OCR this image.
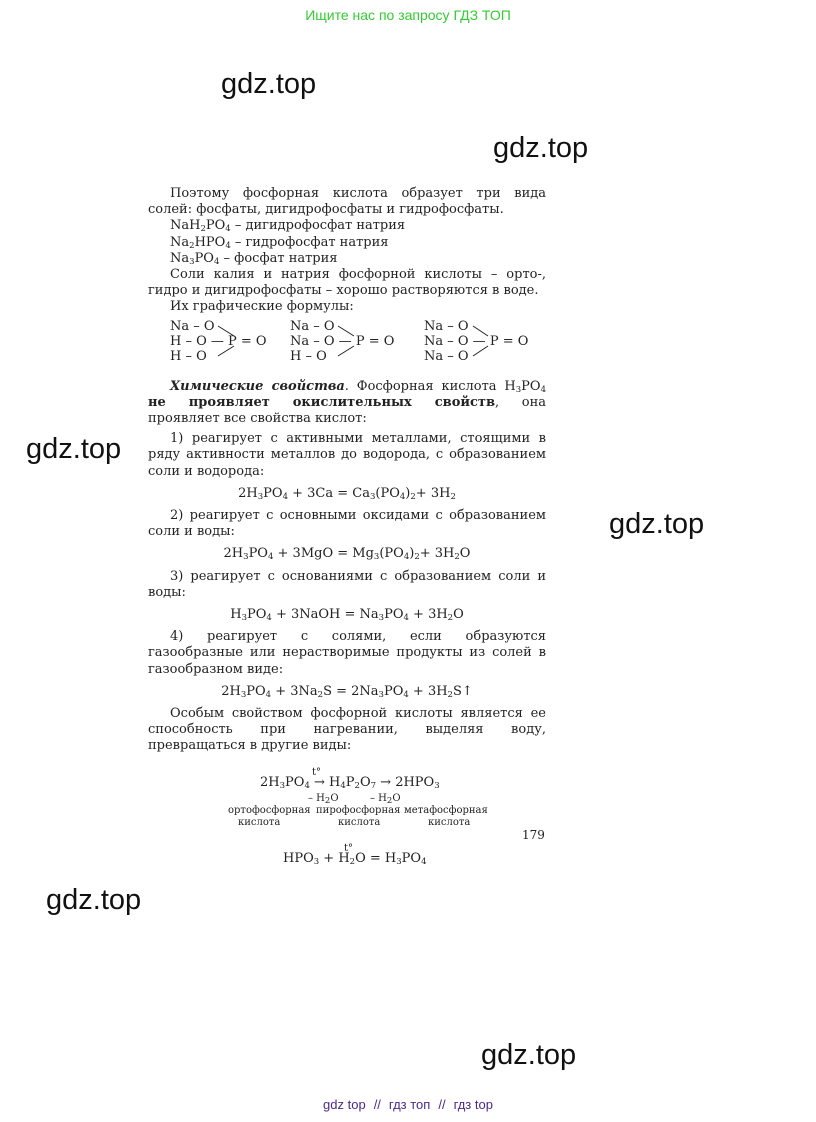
Ищите нас по запросу ГДЗ ТОП
gdz.top
gdz.top
gdz.top
gdz.top
gdz.top
gdz.top

Поэтому фосфорная кислота образует три вида солей: фосфаты, дигидрофосфаты и гидрофосфаты.

$NaH_2PO_4$ – дигидрофосфат натрия

$Na_2HPO_4$ – гидрофосфат натрия

$Na_3PO_4$ – фосфат натрия

Соли калия и натрия фосфорной кислоты – орто-, гидро и дигидрофосфаты – хорошо растворяются в воде.

Их графические формулы:

Na – O
H – O — P = O
H – O
Na – O
Na – O — P = O
H – O
Na – O
Na – O — P = O
Na – O

Химические свойства. Фосфорная кислота $H_3PO_4$ не проявляет окислительных свойств, она проявляет все свойства кислот:

1) реагирует с активными металлами, стоящими в ряду активности металлов до водорода, с образованием соли и водорода:

$2H_3PO_4 + 3Ca = Ca_3(PO_4)_2+ 3H_2$

2) реагирует с основными оксидами с образованием соли и воды:

$2H_3PO_4 + 3MgO = Mg_3(PO_4)_2+ 3H_2O$

3) реагирует с основаниями с образованием соли и воды:

$H_3PO_4$ + 3NaOH = $Na_3PO_4 + 3H_2O$

4) реагирует с солями, если образуются газообразные или нерастворимые продукты из солей в газообразном виде:

$2H_3PO_4 + 3Na_2S = 2Na_3PO_4$ + $3H_2S↑$

Особым свойством фосфорной кислоты является ее способность при нагревании, выделяя воду, превращаться в другие виды:

t°
$2H_3PO_4 \to H_4P_2O_7 \to 2HPO_3$
– $H_2O$	– $H_2O$
ортофосфорная
кислота
пирофосфорная
кислота
метафосфорная
кислота
t°
$HPO_3 + H_2O = H_3PO_4$
179
gdz top // гдз топ // гдз top
